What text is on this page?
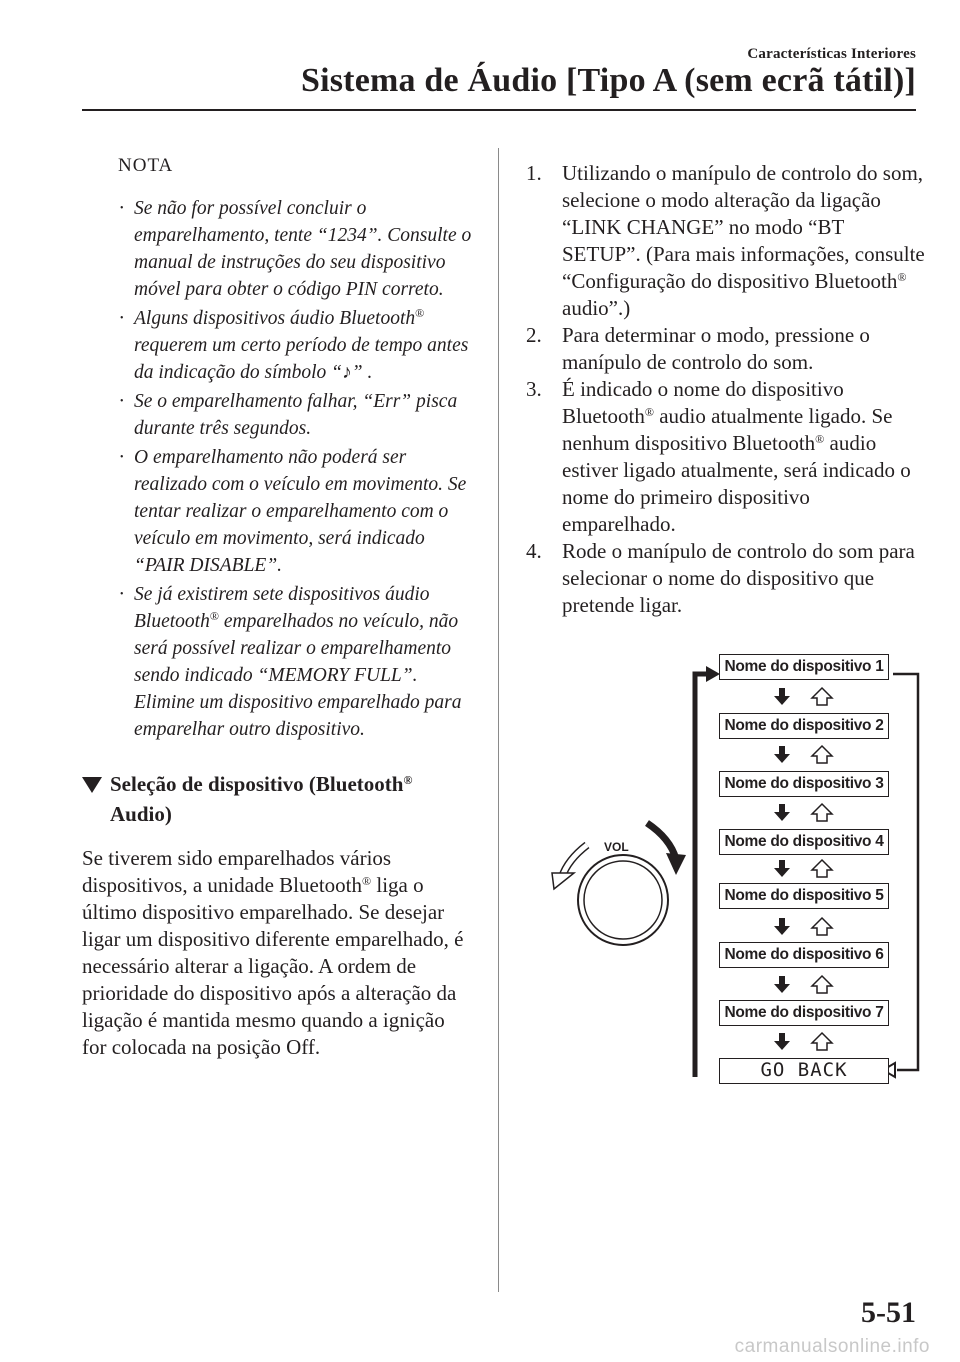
Características Interiores
Sistema de Áudio [Tipo A (sem ecrã tátil)]
NOTA
• Se não for possível concluir o emparelhamento, tente “1234”. Consulte o manual de instruções do seu dispositivo móvel para obter o código PIN correto.
• Alguns dispositivos áudio Bluetooth® requerem um certo período de tempo antes da indicação do símbolo “♪” .
• Se o emparelhamento falhar, “Err” pisca durante três segundos.
• O emparelhamento não poderá ser realizado com o veículo em movimento. Se tentar realizar o emparelhamento com o veículo em movimento, será indicado “PAIR DISABLE”.
• Se já existirem sete dispositivos áudio Bluetooth® emparelhados no veículo, não será possível realizar o emparelhamento sendo indicado “MEMORY FULL”. Elimine um dispositivo emparelhado para emparelhar outro dispositivo.
Seleção de dispositivo (Bluetooth® Audio)
Se tiverem sido emparelhados vários dispositivos, a unidade Bluetooth® liga o último dispositivo emparelhado. Se desejar ligar um dispositivo diferente emparelhado, é necessário alterar a ligação. A ordem de prioridade do dispositivo após a alteração da ligação é mantida mesmo quando a ignição for colocada na posição Off.
1. Utilizando o manípulo de controlo do som, selecione o modo alteração da ligação “LINK CHANGE” no modo “BT SETUP”. (Para mais informações, consulte “Configuração do dispositivo Bluetooth® audio”.)
2. Para determinar o modo, pressione o manípulo de controlo do som.
3. É indicado o nome do dispositivo Bluetooth® audio atualmente ligado. Se nenhum dispositivo Bluetooth® audio estiver ligado atualmente, será indicado o nome do primeiro dispositivo emparelhado.
4. Rode o manípulo de controlo do som para selecionar o nome do dispositivo que pretende ligar.
VOL
Nome do dispositivo 1
Nome do dispositivo 2
Nome do dispositivo 3
Nome do dispositivo 4
Nome do dispositivo 5
Nome do dispositivo 6
Nome do dispositivo 7
GO BACK
5-51
carmanualsonline.info
